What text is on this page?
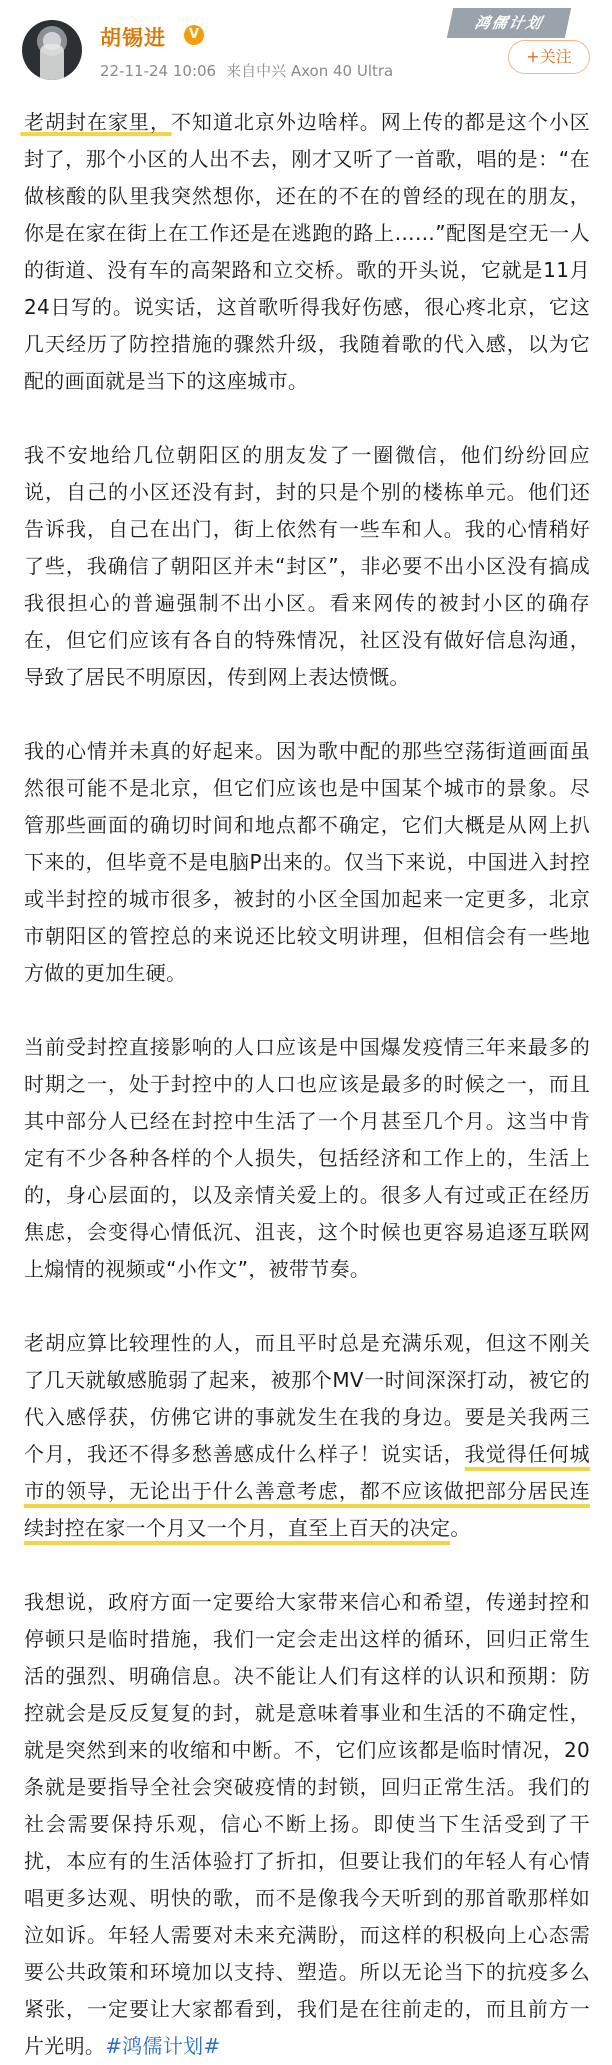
胡锡进	V
22-11-24 10:06 来自中兴 Axon 40 Ultra
鸿儒计划
+关注

老胡封在家里，不知道北京外边啥样。网上传的都是这个小区封了，那个小区的人出不去，刚才又听了一首歌，唱的是：“在做核酸的队里我突然想你，还在的不在的曾经的现在的朋友，你是在家在街上在工作还是在逃跑的路上……”配图是空无一人的街道、没有车的高架路和立交桥。歌的开头说，它就是11月24日写的。说实话，这首歌听得我好伤感，很心疼北京，它这几天经历了防控措施的骤然升级，我随着歌的代入感，以为它配的画面就是当下的这座城市。

我不安地给几位朝阳区的朋友发了一圈微信，他们纷纷回应说，自己的小区还没有封，封的只是个别的楼栋单元。他们还告诉我，自己在出门，街上依然有一些车和人。我的心情稍好了些，我确信了朝阳区并未“封区”，非必要不出小区没有搞成我很担心的普遍强制不出小区。看来网传的被封小区的确存在，但它们应该有各自的特殊情况，社区没有做好信息沟通，导致了居民不明原因，传到网上表达愤慨。

我的心情并未真的好起来。因为歌中配的那些空荡街道画面虽然很可能不是北京，但它们应该也是中国某个城市的景象。尽管那些画面的确切时间和地点都不确定，它们大概是从网上扒下来的，但毕竟不是电脑P出来的。仅当下来说，中国进入封控或半封控的城市很多，被封的小区全国加起来一定更多，北京市朝阳区的管控总的来说还比较文明讲理，但相信会有一些地方做的更加生硬。

当前受封控直接影响的人口应该是中国爆发疫情三年来最多的时期之一，处于封控中的人口也应该是最多的时候之一，而且其中部分人已经在封控中生活了一个月甚至几个月。这当中肯定有不少各种各样的个人损失，包括经济和工作上的，生活上的，身心层面的，以及亲情关爱上的。很多人有过或正在经历焦虑，会变得心情低沉、沮丧，这个时候也更容易追逐互联网上煽情的视频或“小作文”，被带节奏。

老胡应算比较理性的人，而且平时总是充满乐观，但这不刚关了几天就敏感脆弱了起来，被那个MV一时间深深打动，被它的代入感俘获，仿佛它讲的事就发生在我的身边。要是关我两三个月，我还不得多愁善感成什么样子！说实话，我觉得任何城市的领导，无论出于什么善意考虑，都不应该做把部分居民连续封控在家一个月又一个月，直至上百天的决定。

我想说，政府方面一定要给大家带来信心和希望，传递封控和停顿只是临时措施，我们一定会走出这样的循环，回归正常生活的强烈、明确信息。决不能让人们有这样的认识和预期：防控就会是反反复复的封，就是意味着事业和生活的不确定性，就是突然到来的收缩和中断。不，它们应该都是临时情况，20条就是要指导全社会突破疫情的封锁，回归正常生活。我们的社会需要保持乐观，信心不断上扬。即使当下生活受到了干扰，本应有的生活体验打了折扣，但要让我们的年轻人有心情唱更多达观、明快的歌，而不是像我今天听到的那首歌那样如泣如诉。年轻人需要对未来充满盼，而这样的积极向上心态需要公共政策和环境加以支持、塑造。所以无论当下的抗疫多么紧张，一定要让大家都看到，我们是在往前走的，而且前方一片光明。#鸿儒计划#
